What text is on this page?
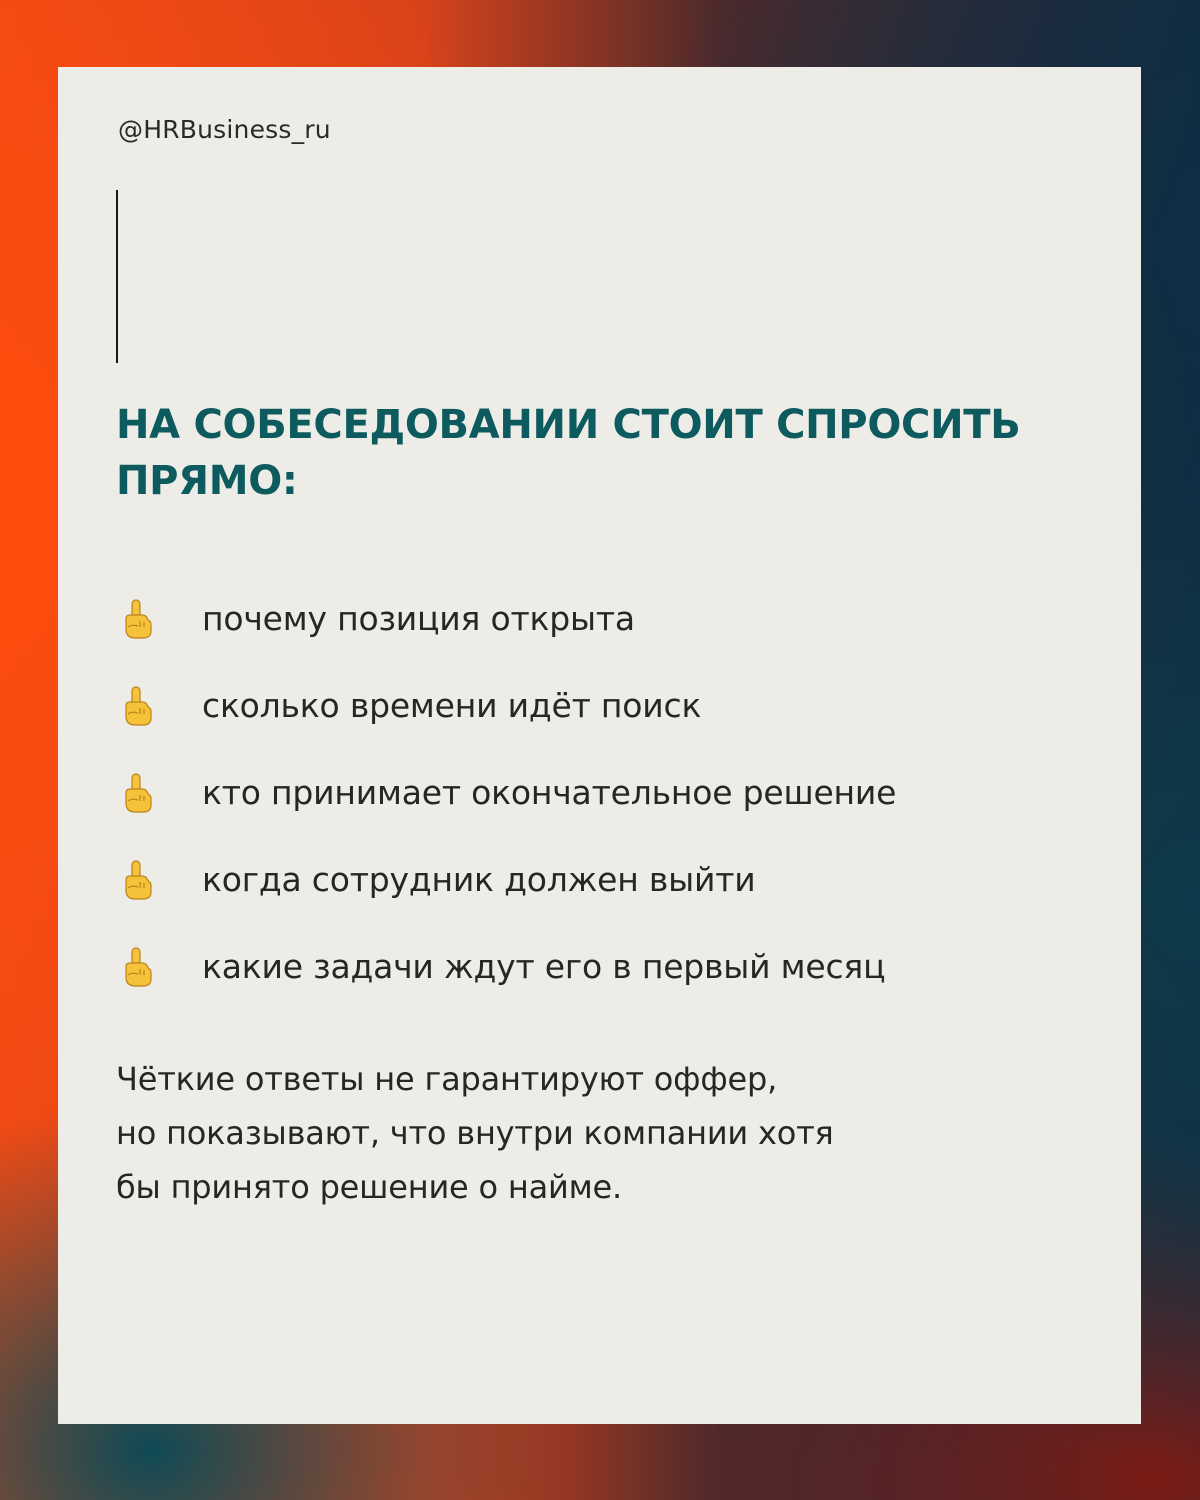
@HRBusiness_ru
НА СОБЕСЕДОВАНИИ СТОИТ СПРОСИТЬ
ПРЯМО:
почему позиция открыта
сколько времени идёт поиск
кто принимает окончательное решение
когда сотрудник должен выйти
какие задачи ждут его в первый месяц

Чёткие ответы не гарантируют оффер,
но показывают, что внутри компании хотя
бы принято решение о найме.
